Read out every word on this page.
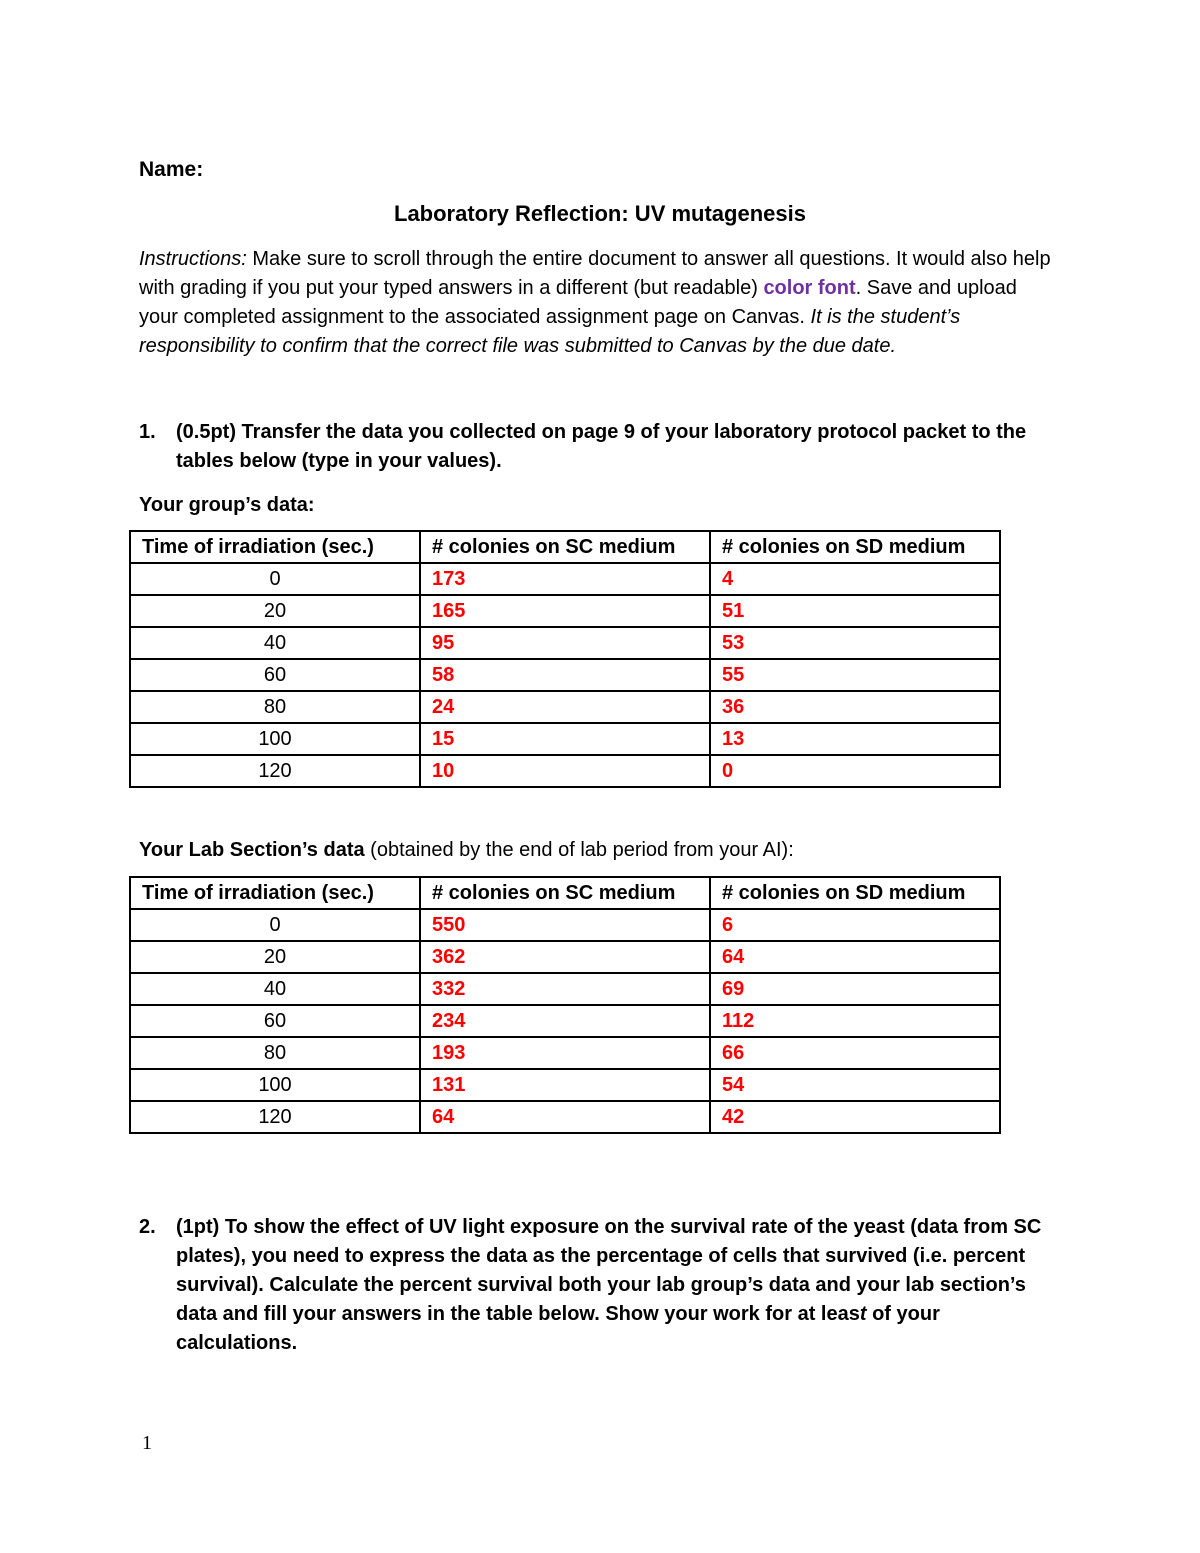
Name:
Laboratory Reflection: UV mutagenesis
Instructions: Make sure to scroll through the entire document to answer all questions. It would also help with grading if you put your typed answers in a different (but readable) color font. Save and upload your completed assignment to the associated assignment page on Canvas. It is the student’s responsibility to confirm that the correct file was submitted to Canvas by the due date.
1. (0.5pt) Transfer the data you collected on page 9 of your laboratory protocol packet to the tables below (type in your values).
Your group’s data:
Time of irradiation (sec.)	# colonies on SC medium	# colonies on SD medium
0	173	4
20	165	51
40	95	53
60	58	55
80	24	36
100	15	13
120	10	0
Your Lab Section’s data (obtained by the end of lab period from your AI):
Time of irradiation (sec.)	# colonies on SC medium	# colonies on SD medium
0	550	6
20	362	64
40	332	69
60	234	112
80	193	66
100	131	54
120	64	42
2. (1pt) To show the effect of UV light exposure on the survival rate of the yeast (data from SC plates), you need to express the data as the percentage of cells that survived (i.e. percent survival). Calculate the percent survival both your lab group’s data and your lab section’s data and fill your answers in the table below. Show your work for at least of your calculations.
1
